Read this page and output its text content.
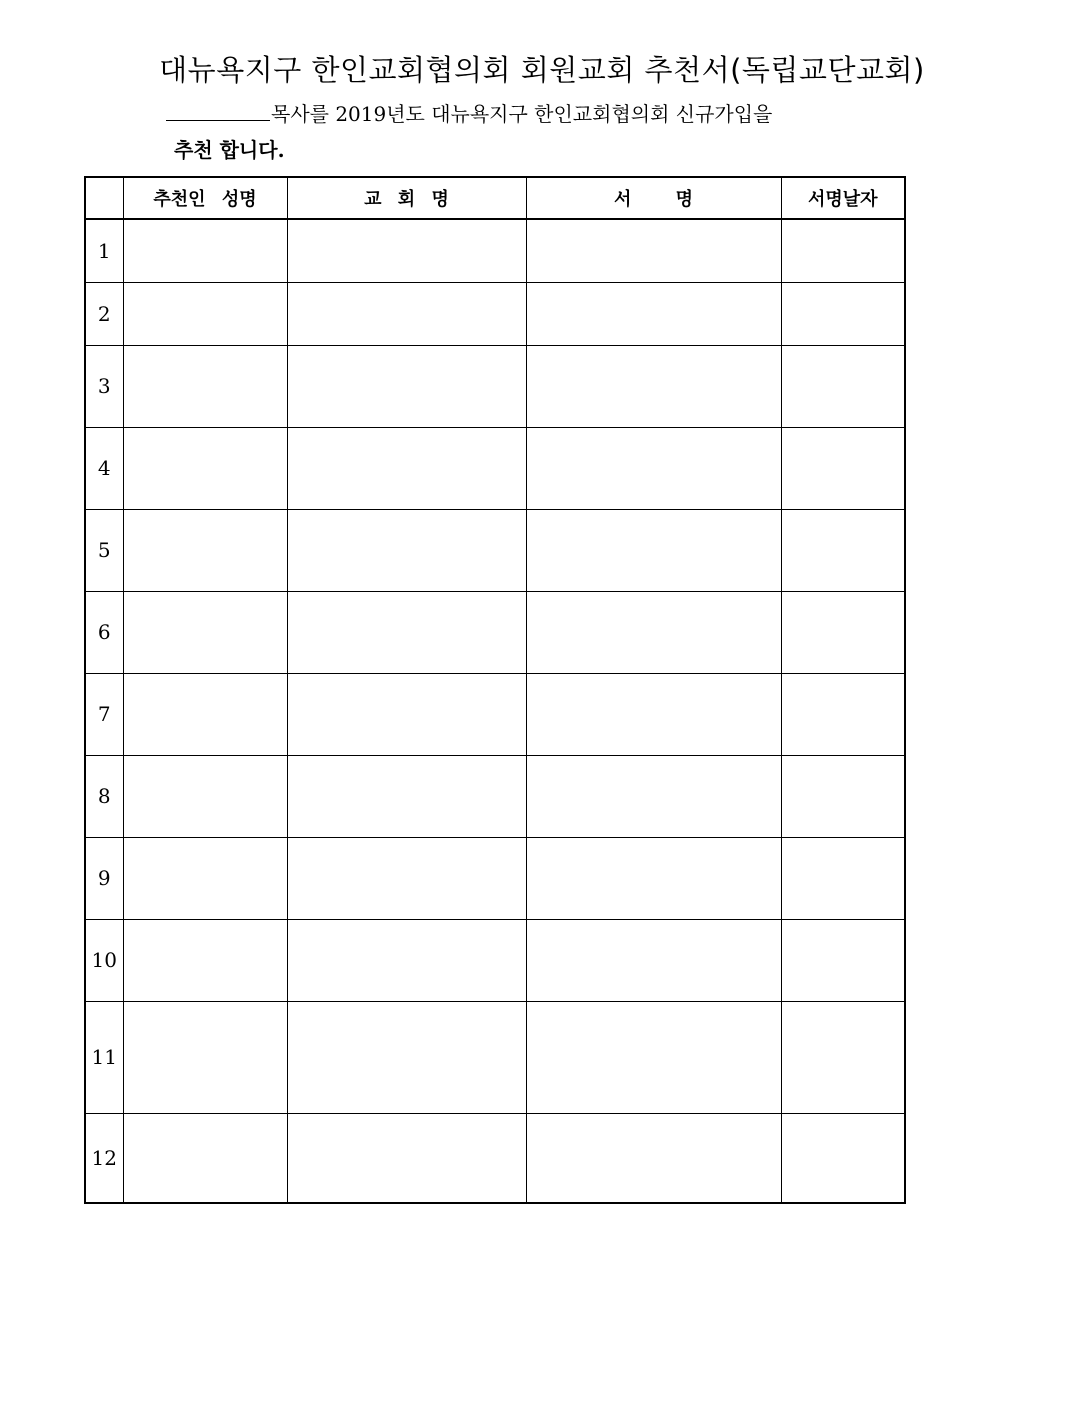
대뉴욕지구 한인교회협의회 회원교회 추천서(독립교단교회)
목사를 2019년도 대뉴욕지구 한인교회협의회 신규가입을
추천 합니다.
	추천인 성명	교 회 명	서 명	서명날자
1				
2				
3				
4				
5				
6				
7				
8				
9				
10				
11				
12				
